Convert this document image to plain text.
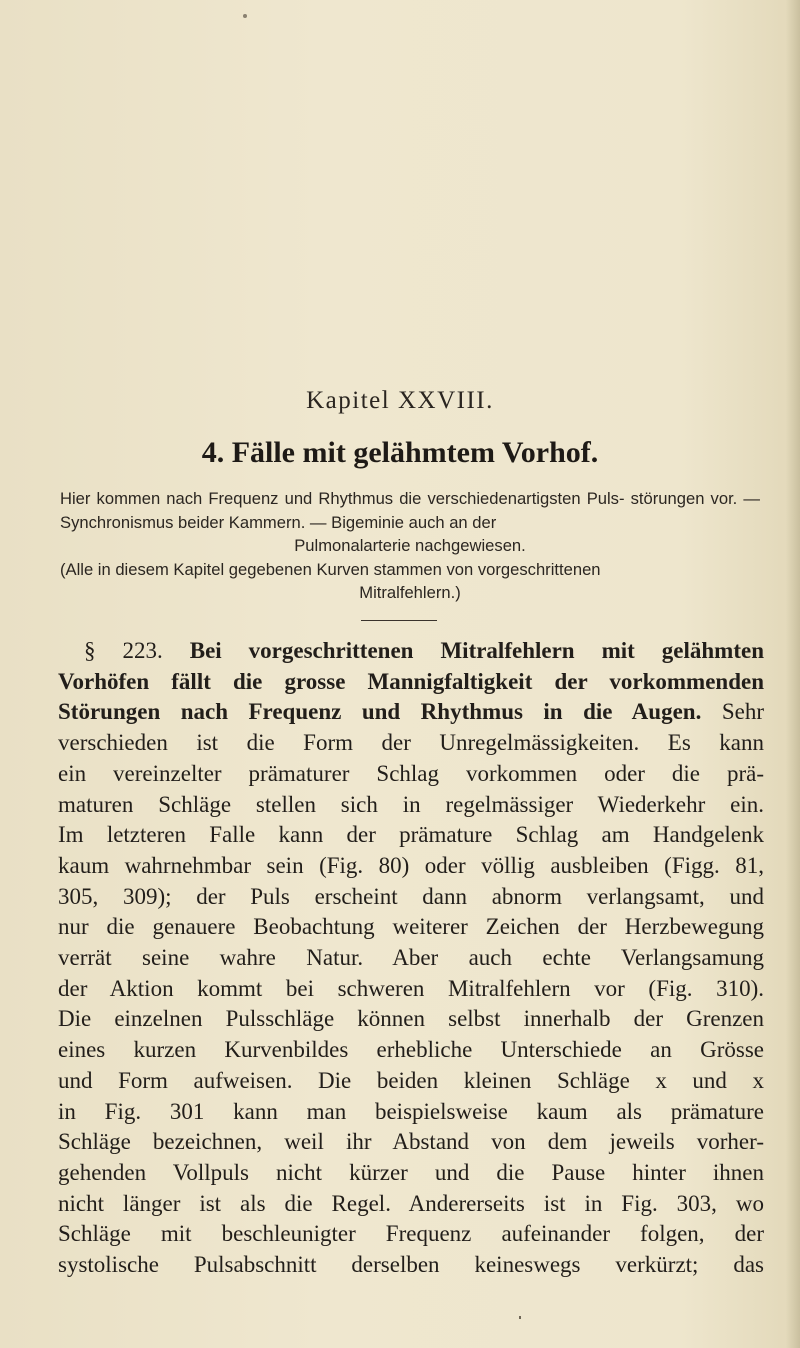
Kapitel XXVIII.
4. Fälle mit gelähmtem Vorhof.

Hier kommen nach Frequenz und Rhythmus die verschiedenartigsten Puls- störungen vor. — Synchronismus beider Kammern. — Bigeminie auch an der

Pulmonalarterie nachgewiesen.

(Alle in diesem Kapitel gegebenen Kurven stammen von vorgeschrittenen

Mitralfehlern.)

§ 223. Bei vorgeschrittenen Mitralfehlern mit gelähmten
Vorhöfen fällt die grosse Mannigfaltigkeit der vorkommenden
Störungen nach Frequenz und Rhythmus in die Augen. Sehr
verschieden ist die Form der Unregelmässigkeiten. Es kann
ein vereinzelter prämaturer Schlag vorkommen oder die prä-
maturen Schläge stellen sich in regelmässiger Wiederkehr ein.
Im letzteren Falle kann der prämature Schlag am Handgelenk
kaum wahrnehmbar sein (Fig. 80) oder völlig ausbleiben (Figg. 81,
305, 309); der Puls erscheint dann abnorm verlangsamt, und
nur die genauere Beobachtung weiterer Zeichen der Herzbewegung
verrät seine wahre Natur. Aber auch echte Verlangsamung
der Aktion kommt bei schweren Mitralfehlern vor (Fig. 310).
Die einzelnen Pulsschläge können selbst innerhalb der Grenzen
eines kurzen Kurvenbildes erhebliche Unterschiede an Grösse
und Form aufweisen. Die beiden kleinen Schläge x und x
in Fig. 301 kann man beispielsweise kaum als prämature
Schläge bezeichnen, weil ihr Abstand von dem jeweils vorher-
gehenden Vollpuls nicht kürzer und die Pause hinter ihnen
nicht länger ist als die Regel. Andererseits ist in Fig. 303, wo
Schläge mit beschleunigter Frequenz aufeinander folgen, der
systolische Pulsabschnitt derselben keineswegs verkürzt; das
